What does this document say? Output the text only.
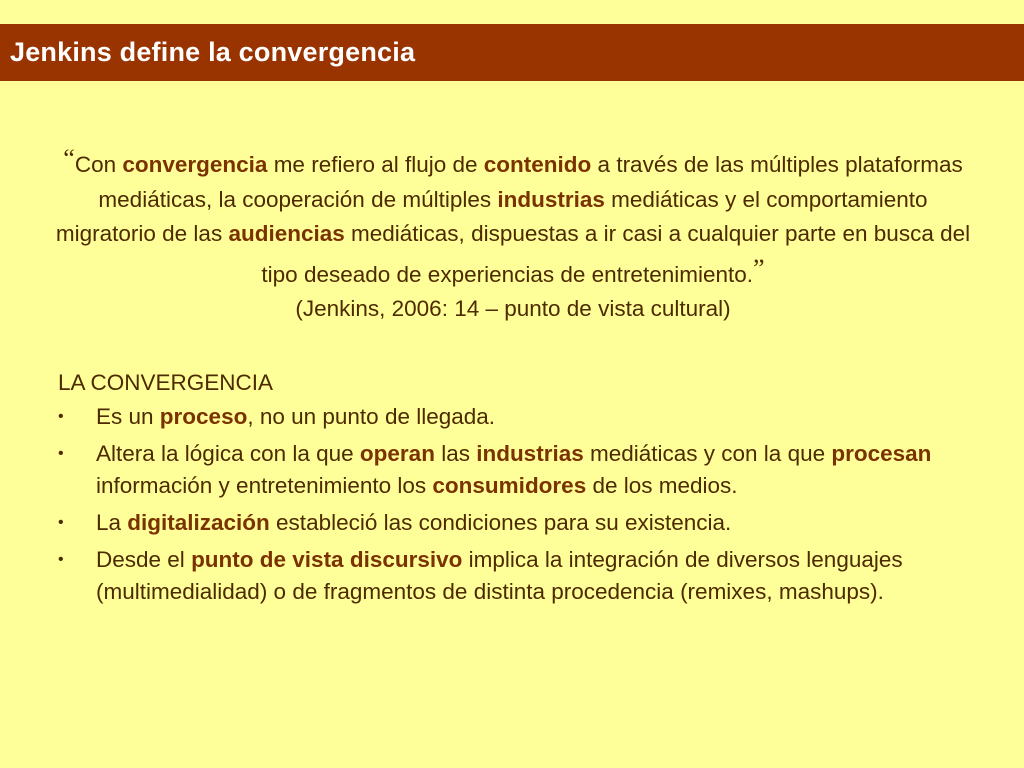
Jenkins define la convergencia
“Con convergencia me refiero al flujo de contenido a través de las múltiples plataformas mediáticas, la cooperación de múltiples industrias mediáticas y el comportamiento migratorio de las audiencias mediáticas, dispuestas a ir casi a cualquier parte en busca del tipo deseado de experiencias de entretenimiento.”
(Jenkins, 2006: 14 – punto de vista cultural)
LA CONVERGENCIA
• Es un proceso, no un punto de llegada.
• Altera la lógica con la que operan las industrias mediáticas y con la que procesan información y entretenimiento los consumidores de los medios.
• La digitalización estableció las condiciones para su existencia.
• Desde el punto de vista discursivo implica la integración de diversos lenguajes (multimedialidad) o de fragmentos de distinta procedencia (remixes, mashups).
